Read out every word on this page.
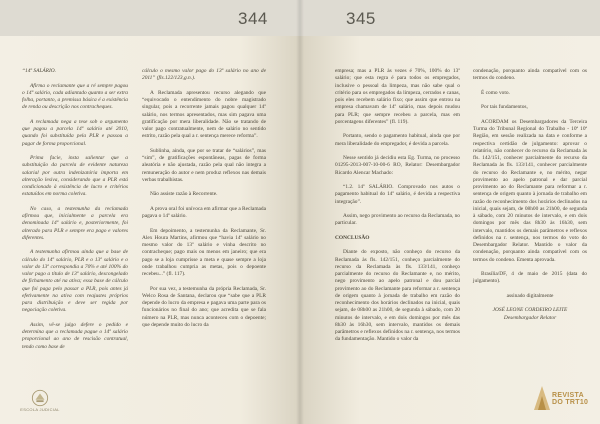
344

“14º SALÁRIO.

Afirma o reclamante que a ré sempre pagou o 14º salário, cada adiantado quanto a ser extra folha, portanto, a premissa básica é a existência de renda ou descrição nos contracheques.

A reclamada nega a tese sob o argumento que pagou a parcela 14º salário até 2010, quando foi substituída pela PLR e passou a pagar de forma proporcional.

Prima facie, insta salientar que a substituição da parcela de evidente natureza salarial por outra indenizatória importa em alteração lesiva, considerando que a PLR está condicionado à existência de lucro e critérios estatuídos em norma coletiva.

No caso, a testemunha da reclamada afirmou que, inicialmente a parcela era denominada 14º salário e, posteriormente, foi alterado para PLR e sempre era pago e valores diferentes.

A testemunha afirmou ainda que a base de cálculo do 14º salário, PLR e o 13º salário e o valor do 13º correspondia a 70% e até 100% do valor pago a título de 13º salário, descongelado de fichamento até na ativa; essa base de cálculo que foi paga pelo passar a PLR, pois antes já efetivamente na ativa com reajustes próprios para distribuição e deve ser regida por negociação coletiva.

Assim, vê-se julgo defere o pedido e determina que a reclamada pague o 14º salário proporcional ao ano de rescisão contratual, tendo como base de

cálculo o mesmo valor pago do 13º salário no ano de 2011” (fls.122/123,g.n.).

A Reclamada apresentou recurso alegando que “equivocado o entendimento do nobre magistrado singular, pois a recorrente jamais pagou qualquer 14º salário, nos termos apresentados, mas sim pagava uma gratificação por mera liberalidade. Não se tratando de valor pago contratualmente, nem de salário no sentido estrito, razão pela qual a r. sentença merece reforma”.

Sublinha, ainda, que por se tratar de “salários”, mas “sim”, de gratificações espontâneas, pagas de forma aleatória e não ajustada, razão pela qual não integra a remuneração do autor e nem produz reflexos nas demais verbas trabalhistas.

Não assiste razão à Recorrente.

A prova oral foi unívoca em afirmar que a Reclamada pagava o 14º salário.

Em depoimento, a testemunha da Reclamante, Sr. Alex Houra Martins, afirmou que “havia 14º salário no mesmo valor do 13º salário e vinha descrito no contracheque; pago mais ou menos em janeiro; que era pago se a loja cumprisse a meta e quase sempre a loja onde trabalhou cumpria as metas, pois o depoente recebeu...” (fl. 117).

Por sua vez, a testemunha da própria Reclamada, Sr. Welco Rosa de Santana, declarou que “sabe que a PLR depende do lucro da empresa e pagava uma parte para os funcionários no final do ano; que acredita que se fala número na PLR, mas nunca aconteceu com o depoente; que depende muito do lucro da

ESCOLA JUDICIAL
345

empresa; mas a PLR às vezes é 70%, 100% do 13º salário; que esta regra é para todos os empregados, inclusive o pessoal da limpeza, mas não sabe qual o critério para os empregados da limpeza, cerrados e canas, pois eles recebem salário fixo; que assim que entrou na empresa chamavam de 14º salário, mas depois mudou para PLR; que sempre recebeu a parcela, mas em porcentagens diferentes” (fl. 119).

Portanto, sendo o pagamento habitual, ainda que por mera liberalidade do empregador, é devida a parcela.

Nesse sentido já decidiu esta Eg. Turma, no processo 01295-2013-007-10-00-6 RO, Relator: Desembargador Ricardo Alencar Machado:

“1.2. 14º SALÁRIO. Comprovado nos autos o pagamento habitual do 14º salário, é devida a respectiva integração”.

Assim, nego provimento ao recurso da Reclamada, no particular.

CONCLUSÃO

Diante do exposto, não conheço do recurso da Reclamada às fls. 142/151, conheço parcialmente do recurso da Reclamada às fls. 133/141, conheço parcialmente do recurso do Reclamante e, no mérito, nego provimento ao apelo patronal e dou parcial provimento ao do Reclamante para reformar a r. sentença de origem quanto à jornada de trabalho em razão do reconhecimento dos horários declinados na inicial, quais sejam, de 08h00 as 21h00, de segunda à sábado, com 20 minutos de intervalo, e em dois domingos por mês das 8h30 às 16h30, sem intervalo, mantidos os demais parâmetros e reflexos definidos na r. sentença, nos termos da fundamentação. Mantido o valor da

condenação, porquanto ainda compatível com os termos do condeno.

É como voto.

Por tais fundamentos,

ACORDAM os Desembargadores da Terceira Turma do Tribunal Regional do Trabalho - 10ª 10ª Região, em sessão realizada na data e conforme a respectiva certidão de julgamento: aprovar o relatório, não conhecer do recurso da Reclamada às fls. 142/151, conhecer parcialmente do recurso da Reclamada às fls. 133/141, conhecer parcialmente do recurso do Reclamante e, no mérito, negar provimento ao apelo patronal e dar parcial provimento ao do Reclamante para reformar a r. sentença de origem quanto à jornada de trabalho em razão do reconhecimento dos horários declinados na inicial, quais sejam, de 08h00 as 21h00, de segunda à sábado, com 20 minutos de intervalo, e em dois domingos por mês das 8h30 às 16h30, sem intervalo, mantidos os demais parâmetros e reflexos definidos na r. sentença, nos termos do voto do Desembargador Relator. Mantido o valor da condenação, porquanto ainda compatível com os termos do condeno. Ementa aprovada.

Brasília/DF, 4 de maio de 2015 (data do julgamento).

assinado digitalmente

JOSÉ LEONE CORDEIRO LEITE

Desembargador Relator

REVISTA
DO TRT10
